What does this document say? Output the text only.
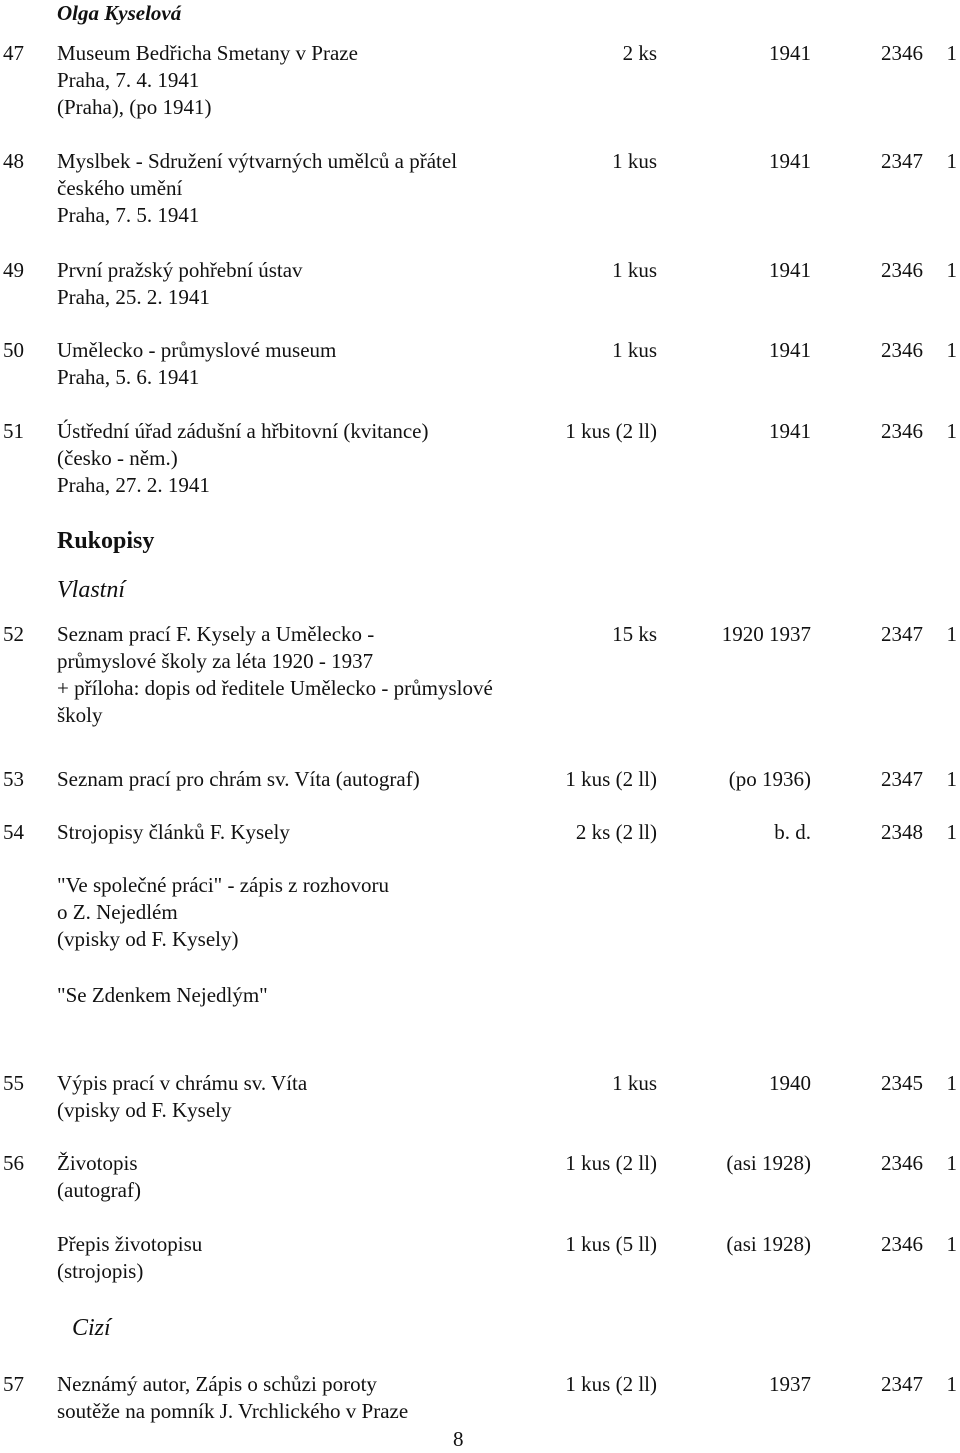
Olga Kyselová
47 Museum Bedřicha Smetany v Praze
Praha, 7. 4. 1941
(Praha), (po 1941)
2 ks	1941	2346 1
48 Myslbek - Sdružení výtvarných umělců a přátel
českého umění
Praha, 7. 5. 1941
1 kus	1941	2347 1
49 První pražský pohřební ústav
Praha, 25. 2. 1941
1 kus	1941	2346 1
50 Umělecko - průmyslové museum
Praha, 5. 6. 1941
1 kus	1941	2346 1
51 Ústřední úřad zádušní a hřbitovní (kvitance)
(česko - něm.)
Praha, 27. 2. 1941
1 kus (2 ll)	1941	2346 1
Rukopisy
Vlastní
52 Seznam prací F. Kysely a Umělecko -
průmyslové školy za léta 1920 - 1937
+ příloha: dopis od ředitele Umělecko - průmyslové
školy
15 ks	1920 1937	2347 1
53 Seznam prací pro chrám sv. Víta (autograf)	1 kus (2 ll)	(po 1936)	2347 1
54 Strojopisy článků F. Kysely	2 ks (2 ll)	b. d.	2348 1
"Ve společné práci" - zápis z rozhovoru
o Z. Nejedlém
(vpisky od F. Kysely)
"Se Zdenkem Nejedlým"
55 Výpis prací v chrámu sv. Víta
(vpisky od F. Kysely
1 kus	1940	2345 1
56 Životopis
(autograf)
1 kus (2 ll)	(asi 1928)	2346 1
Přepis životopisu
(strojopis)
1 kus (5 ll)	(asi 1928)	2346 1
Cizí
57 Neznámý autor, Zápis o schůzi poroty
soutěže na pomník J. Vrchlického v Praze
1 kus (2 ll)	1937	2347 1
8
